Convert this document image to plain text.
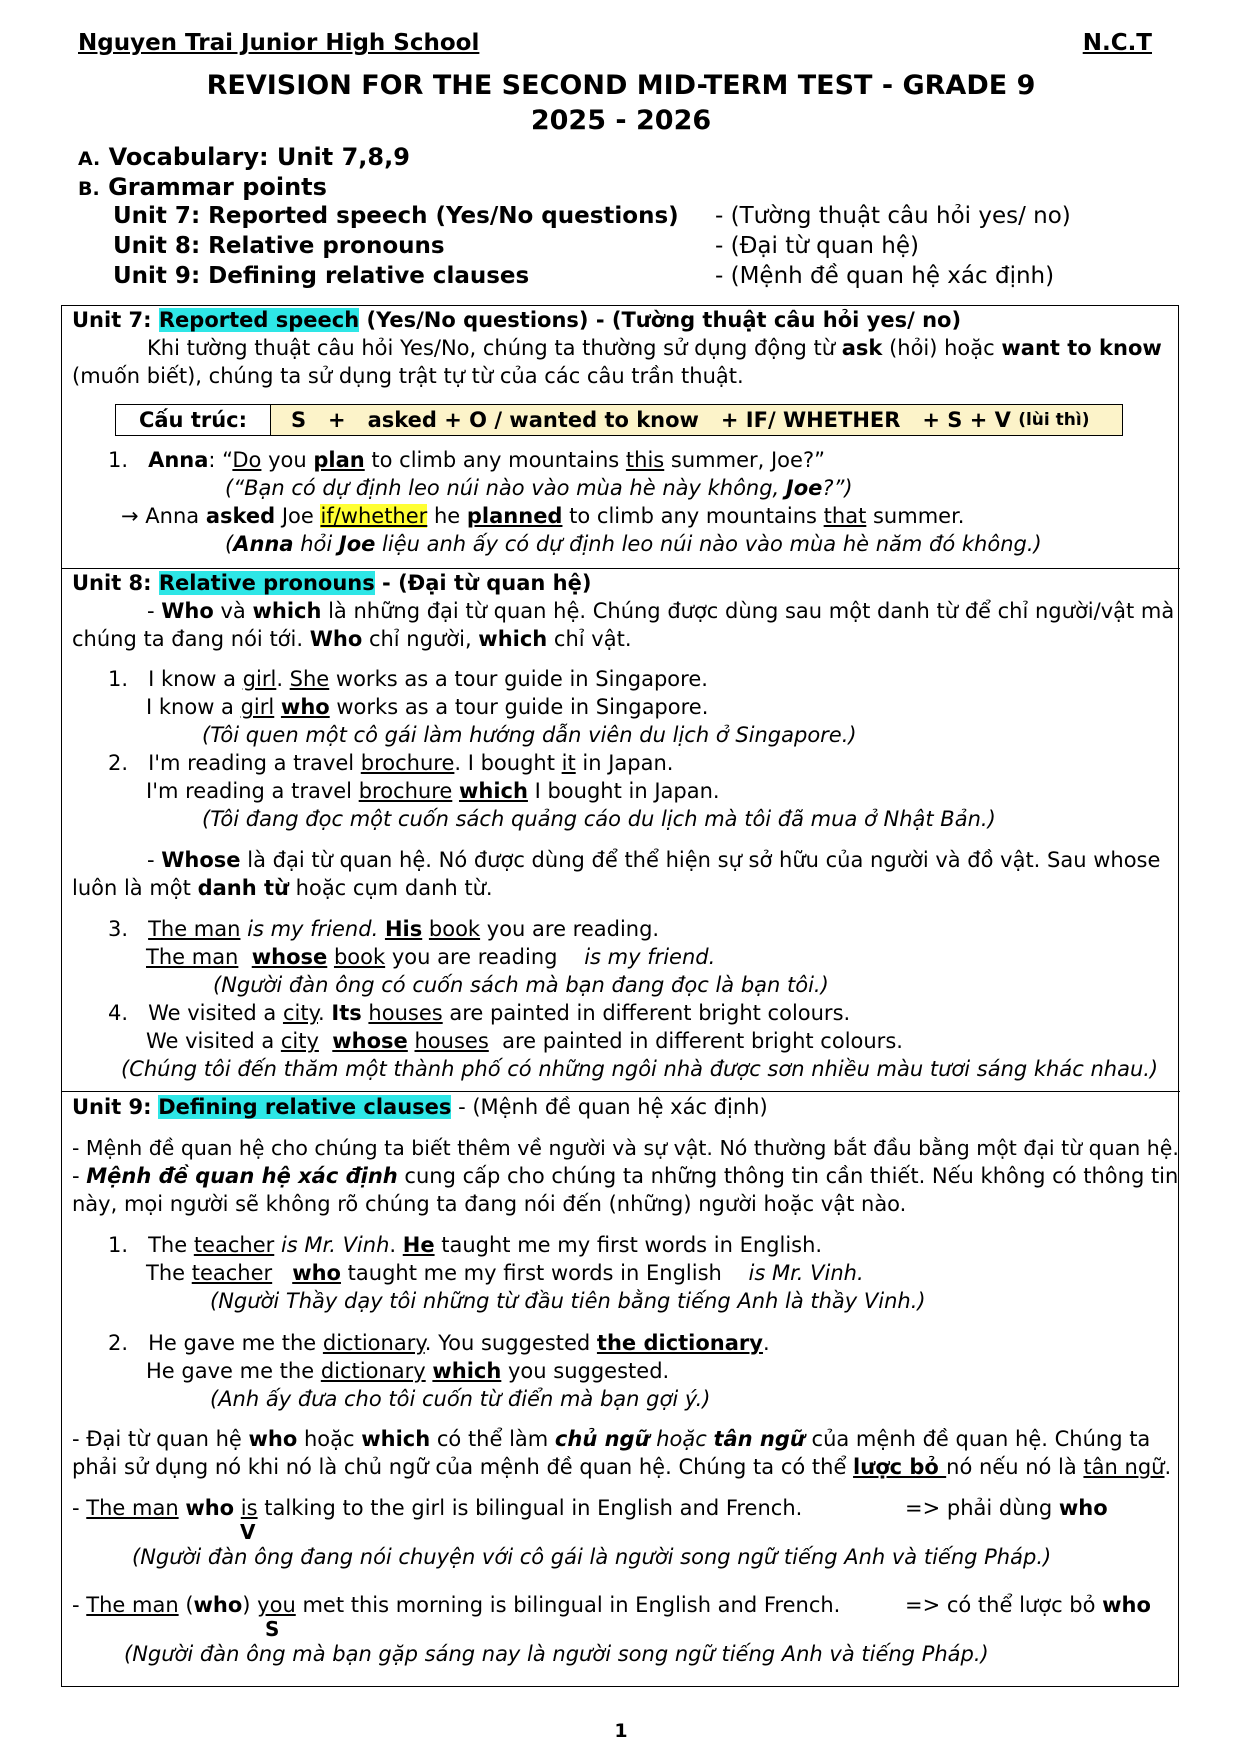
Nguyen Trai Junior High School	N.C.T
REVISION FOR THE SECOND MID-TERM TEST - GRADE 9
2025 - 2026
A. Vocabulary: Unit 7,8,9
B. Grammar points
Unit 7: Reported speech (Yes/No questions) - (Tường thuật câu hỏi yes/ no)
Unit 8: Relative pronouns	- (Đại từ quan hệ)
Unit 9: Defining relative clauses	- (Mệnh đề quan hệ xác định)
Unit 7: Reported speech (Yes/No questions) - (Tường thuật câu hỏi yes/ no)
Khi tường thuật câu hỏi Yes/No, chúng ta thường sử dụng động từ ask (hỏi) hoặc want to know
(muốn biết), chúng ta sử dụng trật tự từ của các câu trần thuật.
Cấu trúc:	S   +   asked + O / wanted to know   + IF/ WHETHER   + S + V (lùi thì)
1. Anna: “Do you plan to climb any mountains this summer, Joe?”
(“Bạn có dự định leo núi nào vào mùa hè này không, Joe?”)
→ Anna asked Joe if/whether he planned to climb any mountains that summer.
(Anna hỏi Joe liệu anh ấy có dự định leo núi nào vào mùa hè năm đó không.)
Unit 8: Relative pronouns - (Đại từ quan hệ)
- Who và which là những đại từ quan hệ. Chúng được dùng sau một danh từ để chỉ người/vật mà
chúng ta đang nói tới. Who chỉ người, which chỉ vật.
1. I know a girl. She works as a tour guide in Singapore.
I know a girl who works as a tour guide in Singapore.
(Tôi quen một cô gái làm hướng dẫn viên du lịch ở Singapore.)
2. I'm reading a travel brochure. I bought it in Japan.
I'm reading a travel brochure which I bought in Japan.
(Tôi đang đọc một cuốn sách quảng cáo du lịch mà tôi đã mua ở Nhật Bản.)
- Whose là đại từ quan hệ. Nó được dùng để thể hiện sự sở hữu của người và đồ vật. Sau whose
luôn là một danh từ hoặc cụm danh từ.
3. The man is my friend. His book you are reading.
The man whose book you are reading    is my friend.
(Người đàn ông có cuốn sách mà bạn đang đọc là bạn tôi.)
4. We visited a city. Its houses are painted in different bright colours.
We visited a city whose houses  are painted in different bright colours.
(Chúng tôi đến thăm một thành phố có những ngôi nhà được sơn nhiều màu tươi sáng khác nhau.)
Unit 9: Defining relative clauses - (Mệnh đề quan hệ xác định)
- Mệnh đề quan hệ cho chúng ta biết thêm về người và sự vật. Nó thường bắt đầu bằng một đại từ quan hệ.
- Mệnh đề quan hệ xác định cung cấp cho chúng ta những thông tin cần thiết. Nếu không có thông tin
này, mọi người sẽ không rõ chúng ta đang nói đến (những) người hoặc vật nào.
1. The teacher is Mr. Vinh. He taught me my first words in English.
The teacher who taught me my first words in English    is Mr. Vinh.
(Người Thầy dạy tôi những từ đầu tiên bằng tiếng Anh là thầy Vinh.)
2. He gave me the dictionary. You suggested the dictionary.
He gave me the dictionary which you suggested.
(Anh ấy đưa cho tôi cuốn từ điển mà bạn gợi ý.)
- Đại từ quan hệ who hoặc which có thể làm chủ ngữ hoặc tân ngữ của mệnh đề quan hệ. Chúng ta
phải sử dụng nó khi nó là chủ ngữ của mệnh đề quan hệ. Chúng ta có thể lược bỏ nó nếu nó là tân ngữ.
- The man who is talking to the girl is bilingual in English and French.	=> phải dùng who
V
(Người đàn ông đang nói chuyện với cô gái là người song ngữ tiếng Anh và tiếng Pháp.)
- The man (who) you met this morning is bilingual in English and French.	=> có thể lược bỏ who
S
(Người đàn ông mà bạn gặp sáng nay là người song ngữ tiếng Anh và tiếng Pháp.)
1
